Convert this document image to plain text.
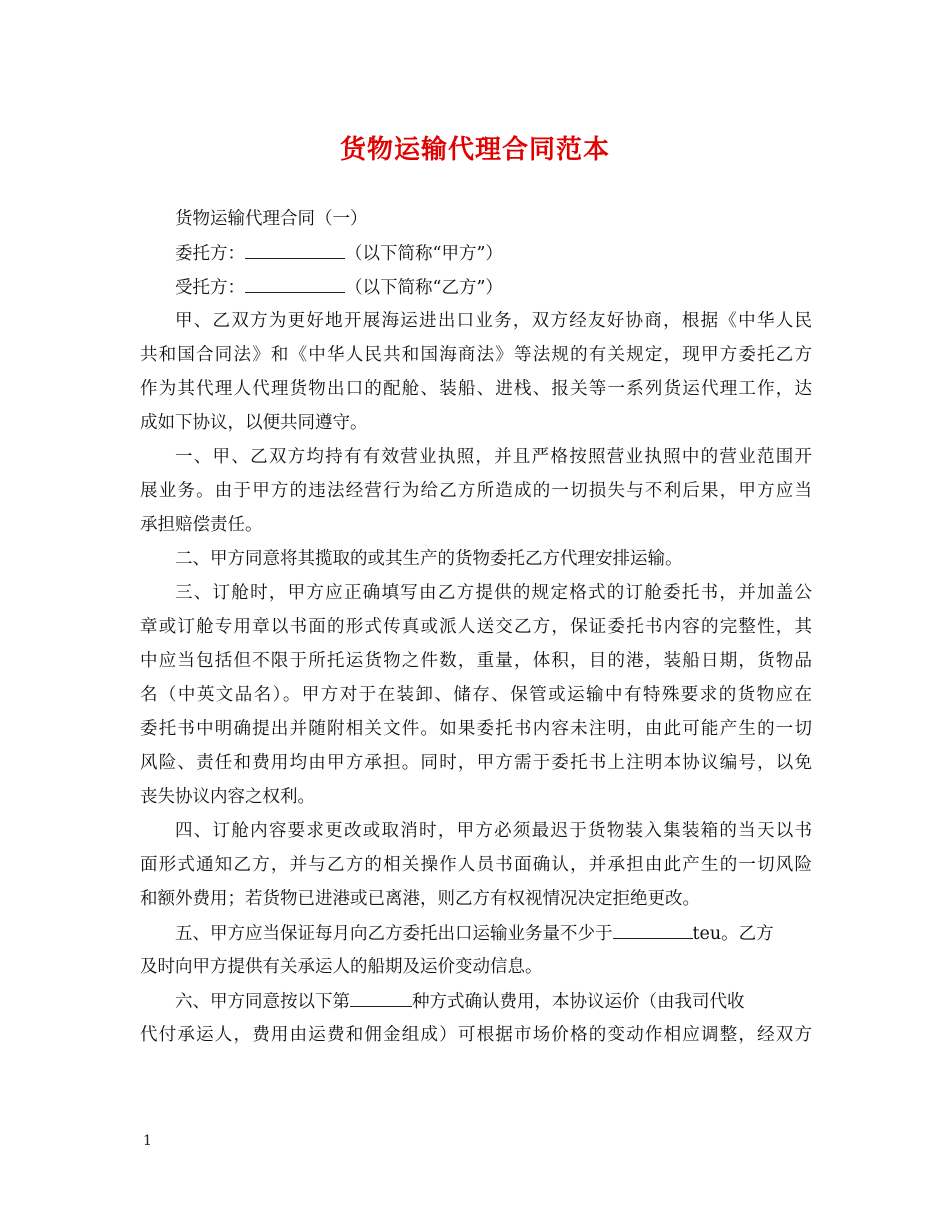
货物运输代理合同范本
货物运输代理合同（一）
委托方：	（以下简称“甲方”）
受托方：	（以下简称“乙方”）
甲、乙双方为更好地开展海运进出口业务，双方经友好协商，根据《中华人民
共和国合同法》和《中华人民共和国海商法》等法规的有关规定，现甲方委托乙方
作为其代理人代理货物出口的配舱、装船、进栈、报关等一系列货运代理工作，达
成如下协议，以便共同遵守。
一、甲、乙双方均持有有效营业执照，并且严格按照营业执照中的营业范围开
展业务。由于甲方的违法经营行为给乙方所造成的一切损失与不利后果，甲方应当
承担赔偿责任。
二、甲方同意将其揽取的或其生产的货物委托乙方代理安排运输。
三、订舱时，甲方应正确填写由乙方提供的规定格式的订舱委托书，并加盖公
章或订舱专用章以书面的形式传真或派人送交乙方，保证委托书内容的完整性，其
中应当包括但不限于所托运货物之件数，重量，体积，目的港，装船日期，货物品
名（中英文品名）。甲方对于在装卸、储存、保管或运输中有特殊要求的货物应在
委托书中明确提出并随附相关文件。如果委托书内容未注明，由此可能产生的一切
风险、责任和费用均由甲方承担。同时，甲方需于委托书上注明本协议编号，以免
丧失协议内容之权利。
四、订舱内容要求更改或取消时，甲方必须最迟于货物装入集装箱的当天以书
面形式通知乙方，并与乙方的相关操作人员书面确认，并承担由此产生的一切风险
和额外费用；若货物已进港或已离港，则乙方有权视情况决定拒绝更改。
五、甲方应当保证每月向乙方委托出口运输业务量不少于	teu。乙方
及时向甲方提供有关承运人的船期及运价变动信息。
六、甲方同意按以下第	种方式确认费用，本协议运价（由我司代收
代付承运人，费用由运费和佣金组成）可根据市场价格的变动作相应调整，经双方
1
